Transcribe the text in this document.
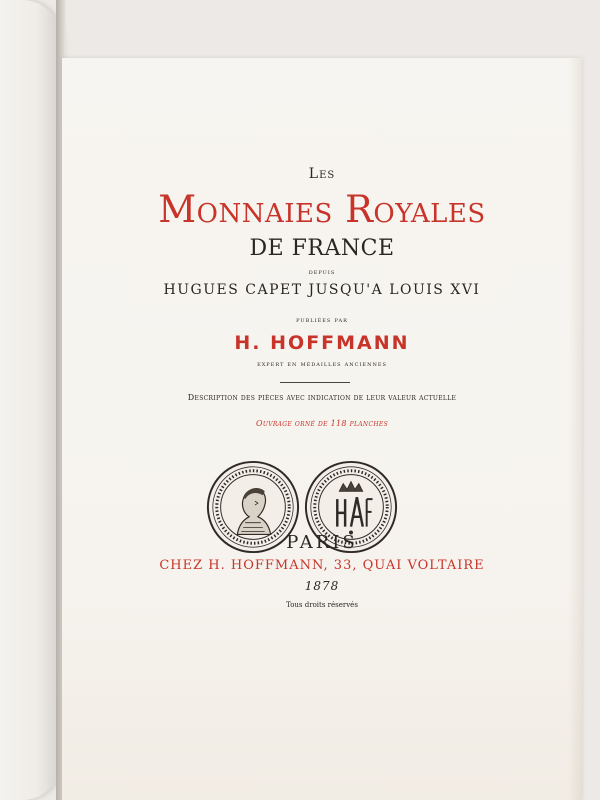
Les
Monnaies Royales
DE FRANCE
depuis
HUGUES CAPET JUSQU'A LOUIS XVI
publiées par
H. HOFFMANN
expert en médailles anciennes
Description des pièces avec indication de leur valeur actuelle
Ouvrage orné de 118 planches
PARIS
CHEZ H. HOFFMANN, 33, QUAI VOLTAIRE
1878
Tous droits réservés
